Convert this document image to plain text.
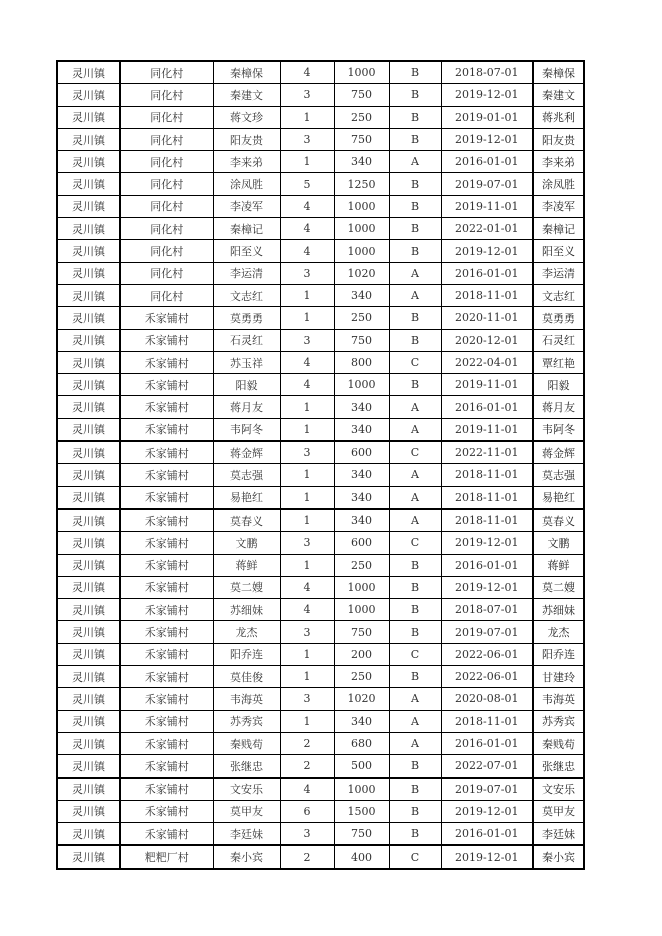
灵川镇	同化村	秦樟保	4	1000	B	2018-07-01	秦樟保
灵川镇	同化村	秦建文	3	750	B	2019-12-01	秦建文
灵川镇	同化村	蒋文珍	1	250	B	2019-01-01	蒋兆利
灵川镇	同化村	阳友贵	3	750	B	2019-12-01	阳友贵
灵川镇	同化村	李来弟	1	340	A	2016-01-01	李来弟
灵川镇	同化村	涂凤胜	5	1250	B	2019-07-01	涂凤胜
灵川镇	同化村	李凌军	4	1000	B	2019-11-01	李凌军
灵川镇	同化村	秦樟记	4	1000	B	2022-01-01	秦樟记
灵川镇	同化村	阳至义	4	1000	B	2019-12-01	阳至义
灵川镇	同化村	李运清	3	1020	A	2016-01-01	李运清
灵川镇	同化村	文志红	1	340	A	2018-11-01	文志红
灵川镇	禾家铺村	莫勇勇	1	250	B	2020-11-01	莫勇勇
灵川镇	禾家铺村	石灵红	3	750	B	2020-12-01	石灵红
灵川镇	禾家铺村	苏玉祥	4	800	C	2022-04-01	覃红艳
灵川镇	禾家铺村	阳毅	4	1000	B	2019-11-01	阳毅
灵川镇	禾家铺村	蒋月友	1	340	A	2016-01-01	蒋月友
灵川镇	禾家铺村	韦阿冬	1	340	A	2019-11-01	韦阿冬
灵川镇	禾家铺村	蒋金辉	3	600	C	2022-11-01	蒋金辉
灵川镇	禾家铺村	莫志强	1	340	A	2018-11-01	莫志强
灵川镇	禾家铺村	易艳红	1	340	A	2018-11-01	易艳红
灵川镇	禾家铺村	莫春义	1	340	A	2018-11-01	莫春义
灵川镇	禾家铺村	文鹏	3	600	C	2019-12-01	文鹏
灵川镇	禾家铺村	蒋鲜	1	250	B	2016-01-01	蒋鲜
灵川镇	禾家铺村	莫二嫂	4	1000	B	2019-12-01	莫二嫂
灵川镇	禾家铺村	苏细妹	4	1000	B	2018-07-01	苏细妹
灵川镇	禾家铺村	龙杰	3	750	B	2019-07-01	龙杰
灵川镇	禾家铺村	阳乔连	1	200	C	2022-06-01	阳乔连
灵川镇	禾家铺村	莫佳俊	1	250	B	2022-06-01	甘建玲
灵川镇	禾家铺村	韦海英	3	1020	A	2020-08-01	韦海英
灵川镇	禾家铺村	苏秀宾	1	340	A	2018-11-01	苏秀宾
灵川镇	禾家铺村	秦贱苟	2	680	A	2016-01-01	秦贱苟
灵川镇	禾家铺村	张继忠	2	500	B	2022-07-01	张继忠
灵川镇	禾家铺村	文安乐	4	1000	B	2019-07-01	文安乐
灵川镇	禾家铺村	莫甲友	6	1500	B	2019-12-01	莫甲友
灵川镇	禾家铺村	李廷妹	3	750	B	2016-01-01	李廷妹
灵川镇	粑粑厂村	秦小宾	2	400	C	2019-12-01	秦小宾
